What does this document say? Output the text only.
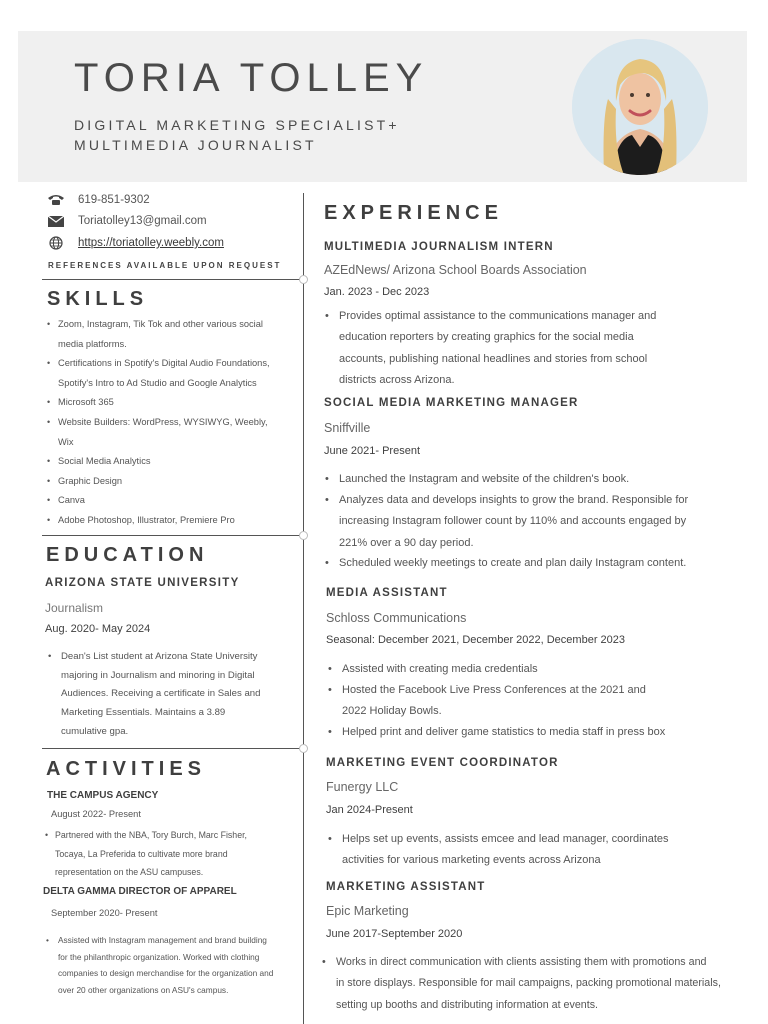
TORIA TOLLEY
DIGITAL MARKETING SPECIALIST+
MULTIMEDIA JOURNALIST
619-851-9302
Toriatolley13@gmail.com
https://toriatolley.weebly.com
REFERENCES AVAILABLE UPON REQUEST
SKILLS
• Zoom, Instagram, Tik Tok and other various social
media platforms.
• Certifications in Spotify's Digital Audio Foundations,
Spotify's Intro to Ad Studio and Google Analytics
• Microsoft 365
• Website Builders: WordPress, WYSIWYG, Weebly,
Wix
• Social Media Analytics
• Graphic Design
• Canva
• Adobe Photoshop, Illustrator, Premiere Pro
EDUCATION
ARIZONA STATE UNIVERSITY
Journalism
Aug. 2020- May 2024
• Dean's List student at Arizona State University
majoring in Journalism and minoring in Digital
Audiences. Receiving a certificate in Sales and
Marketing Essentials. Maintains a 3.89
cumulative gpa.
ACTIVITIES
THE CAMPUS AGENCY
August 2022- Present
• Partnered with the NBA, Tory Burch, Marc Fisher,
Tocaya, La Preferida to cultivate more brand
representation on the ASU campuses.
DELTA GAMMA DIRECTOR OF APPAREL
September 2020- Present
• Assisted with Instagram management and brand building
for the philanthropic organization. Worked with clothing
companies to design merchandise for the organization and
over 20 other organizations on ASU's campus.
EXPERIENCE
MULTIMEDIA JOURNALISM INTERN
AZEdNews/ Arizona School Boards Association
Jan. 2023 - Dec 2023
• Provides optimal assistance to the communications manager and
education reporters by creating graphics for the social media
accounts, publishing national headlines and stories from school
districts across Arizona.
SOCIAL MEDIA MARKETING MANAGER
Sniffville
June 2021- Present
• Launched the Instagram and website of the children's book.
• Analyzes data and develops insights to grow the brand. Responsible for
increasing Instagram follower count by 110% and accounts engaged by
221% over a 90 day period.
• Scheduled weekly meetings to create and plan daily Instagram content.
MEDIA ASSISTANT
Schloss Communications
Seasonal: December 2021, December 2022, December 2023
• Assisted with creating media credentials
• Hosted the Facebook Live Press Conferences at the 2021 and
2022 Holiday Bowls.
• Helped print and deliver game statistics to media staff in press box
MARKETING EVENT COORDINATOR
Funergy LLC
Jan 2024-Present
• Helps set up events, assists emcee and lead manager, coordinates
activities for various marketing events across Arizona
MARKETING ASSISTANT
Epic Marketing
June 2017-September 2020
• Works in direct communication with clients assisting them with promotions and
in store displays. Responsible for mail campaigns, packing promotional materials,
setting up booths and distributing information at events.
